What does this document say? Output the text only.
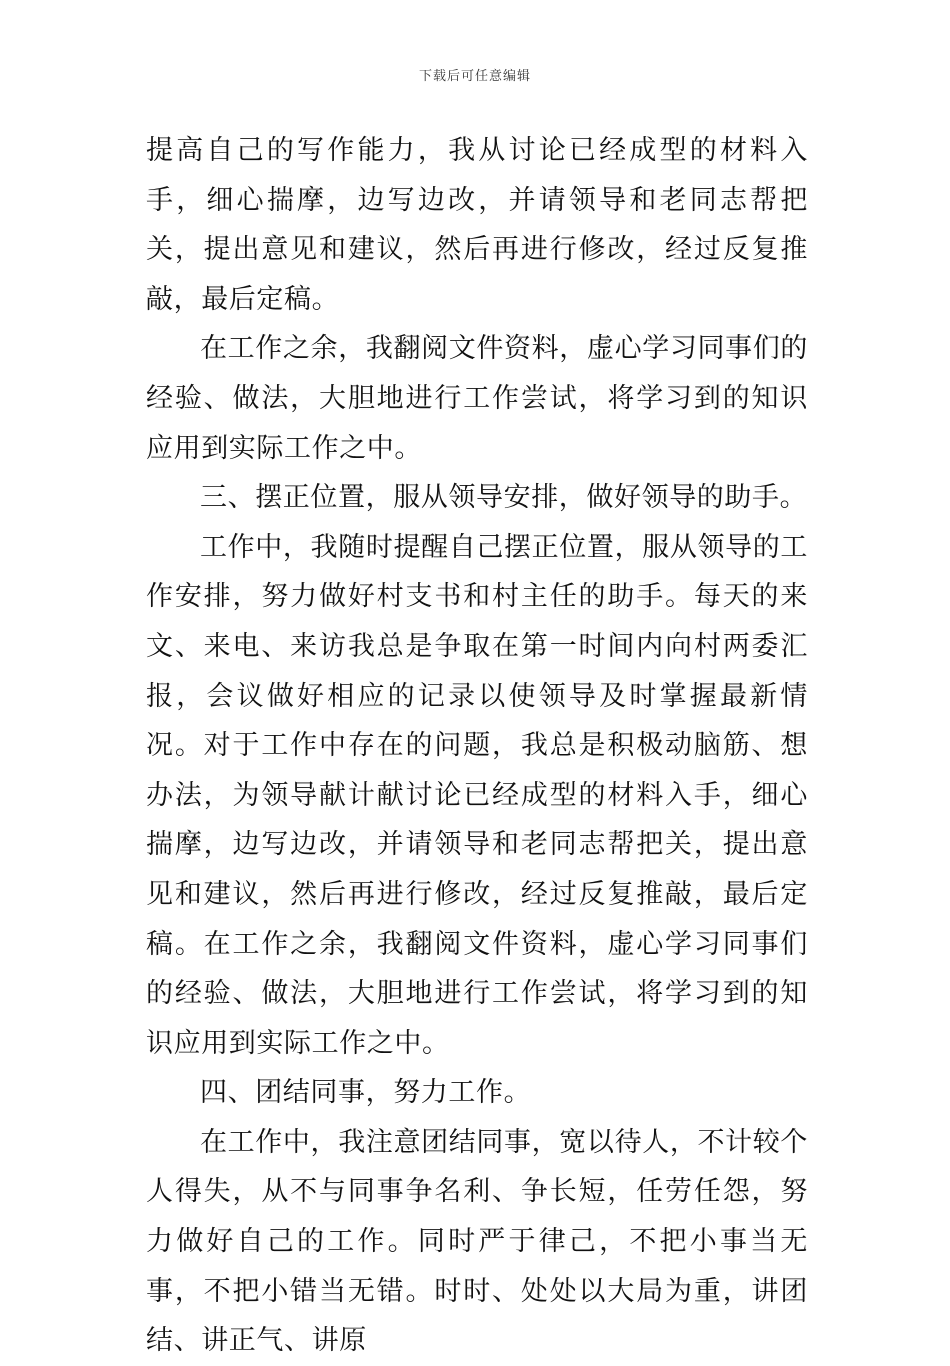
下载后可任意编辑

提高自己的写作能力，我从讨论已经成型的材料入手，细心揣摩，边写边改，并请领导和老同志帮把关，提出意见和建议，然后再进行修改，经过反复推敲，最后定稿。

在工作之余，我翻阅文件资料，虚心学习同事们的经验、做法，大胆地进行工作尝试，将学习到的知识应用到实际工作之中。

三、摆正位置，服从领导安排，做好领导的助手。

工作中，我随时提醒自己摆正位置，服从领导的工作安排，努力做好村支书和村主任的助手。每天的来文、来电、来访我总是争取在第一时间内向村两委汇报，会议做好相应的记录以使领导及时掌握最新情况。对于工作中存在的问题，我总是积极动脑筋、想办法，为领导献计献讨论已经成型的材料入手，细心揣摩，边写边改，并请领导和老同志帮把关，提出意见和建议，然后再进行修改，经过反复推敲，最后定稿。在工作之余，我翻阅文件资料，虚心学习同事们的经验、做法，大胆地进行工作尝试，将学习到的知识应用到实际工作之中。

四、团结同事，努力工作。

在工作中，我注意团结同事，宽以待人，不计较个人得失，从不与同事争名利、争长短，任劳任怨，努力做好自己的工作。同时严于律己，不把小事当无事，不把小错当无错。时时、处处以大局为重，讲团结、讲正气、讲原
